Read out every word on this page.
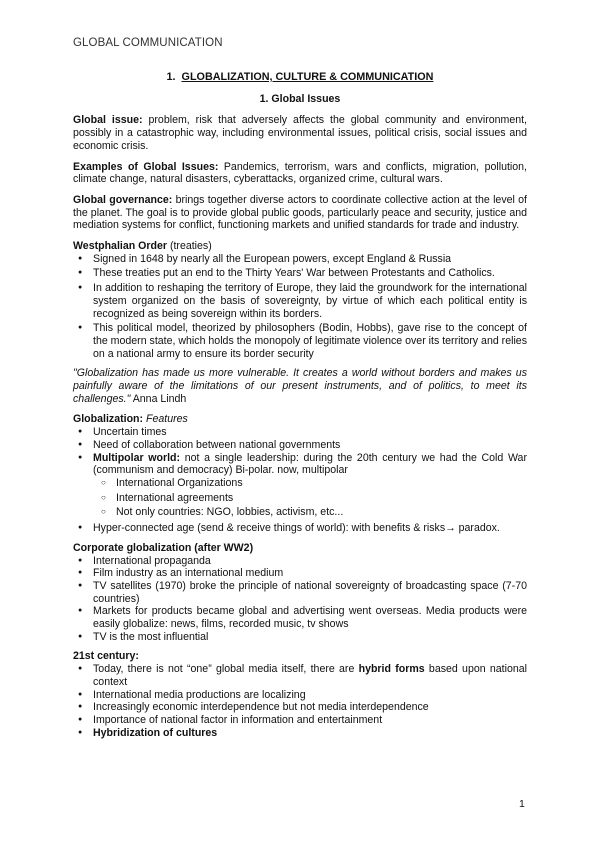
GLOBAL COMMUNICATION
1. GLOBALIZATION, CULTURE & COMMUNICATION
1. Global Issues

Global issue: problem, risk that adversely affects the global community and environment, possibly in a catastrophic way, including environmental issues, political crisis, social issues and economic crisis.

Examples of Global Issues: Pandemics, terrorism, wars and conflicts, migration, pollution, climate change, natural disasters, cyberattacks, organized crime, cultural wars.

Global governance: brings together diverse actors to coordinate collective action at the level of the planet. The goal is to provide global public goods, particularly peace and security, justice and mediation systems for conflict, functioning markets and unified standards for trade and industry.

Westphalian Order (treaties)
● Signed in 1648 by nearly all the European powers, except England & Russia
● These treaties put an end to the Thirty Years' War between Protestants and Catholics.
● In addition to reshaping the territory of Europe, they laid the groundwork for the international system organized on the basis of sovereignty, by virtue of which each political entity is recognized as being sovereign within its borders.
● This political model, theorized by philosophers (Bodin, Hobbs), gave rise to the concept of the modern state, which holds the monopoly of legitimate violence over its territory and relies on a national army to ensure its border security

"Globalization has made us more vulnerable. It creates a world without borders and makes us painfully aware of the limitations of our present instruments, and of politics, to meet its challenges." Anna Lindh

Globalization: Features
● Uncertain times
● Need of collaboration between national governments
● Multipolar world: not a single leadership: during the 20th century we had the Cold War (communism and democracy) Bi-polar. now, multipolar
○ International Organizations
○ International agreements
○ Not only countries: NGO, lobbies, activism, etc...
● Hyper-connected age (send & receive things of world): with benefits & risks→ paradox.
Corporate globalization (after WW2)
● International propaganda
● Film industry as an international medium
● TV satellites (1970) broke the principle of national sovereignty of broadcasting space (7-70 countries)
● Markets for products became global and advertising went overseas. Media products were easily globalize: news, films, recorded music, tv shows
● TV is the most influential
21st century:
● Today, there is not “one” global media itself, there are hybrid forms based upon national context
● International media productions are localizing
● Increasingly economic interdependence but not media interdependence
● Importance of national factor in information and entertainment
● Hybridization of cultures
1
